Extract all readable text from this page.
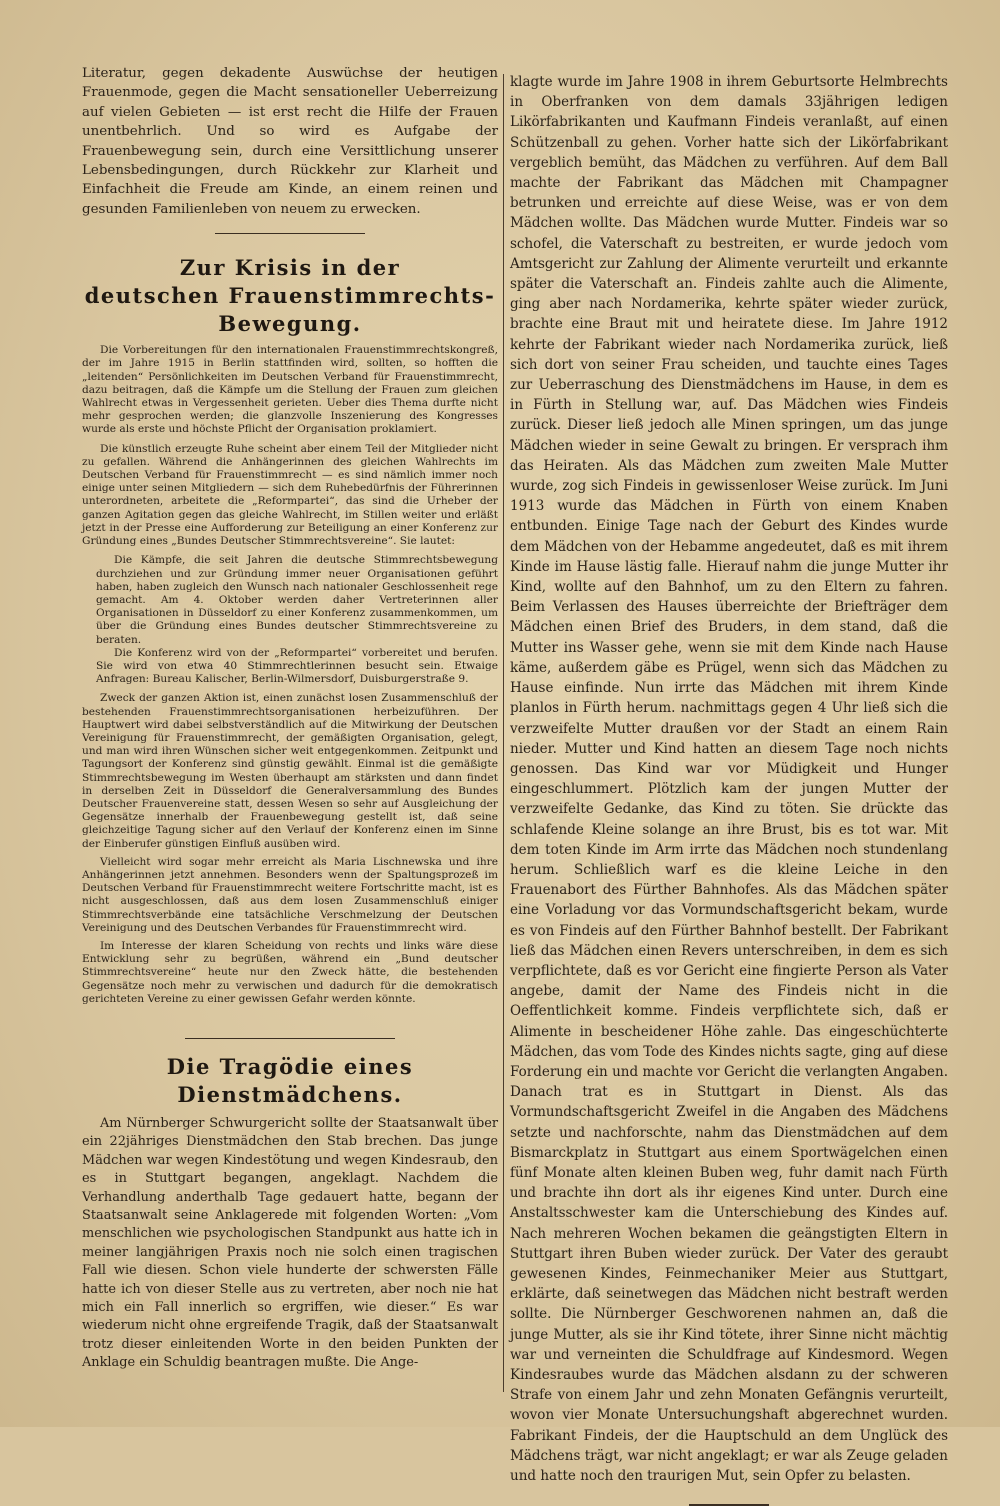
Literatur, gegen dekadente Auswüchse der heutigen Frauenmode, gegen die Macht sensationeller Ueberreizung auf vielen Gebieten — ist erst recht die Hilfe der Frauen unentbehrlich. Und so wird es Aufgabe der Frauenbewegung sein, durch eine Versittlichung unserer Lebensbedingungen, durch Rückkehr zur Klarheit und Einfachheit die Freude am Kinde, an einem reinen und gesunden Familienleben von neuem zu erwecken.

Zur Krisis in der
deutschen Frauenstimmrechts-Bewegung.

Die Vorbereitungen für den internationalen Frauenstimmrechtskongreß, der im Jahre 1915 in Berlin stattfinden wird, sollten, so hofften die „leitenden“ Persönlichkeiten im Deutschen Verband für Frauenstimmrecht, dazu beitragen, daß die Kämpfe um die Stellung der Frauen zum gleichen Wahlrecht etwas in Vergessenheit gerieten. Ueber dies Thema durfte nicht mehr gesprochen werden; die glanzvolle Inszenierung des Kongresses wurde als erste und höchste Pflicht der Organisation proklamiert.

Die künstlich erzeugte Ruhe scheint aber einem Teil der Mitglieder nicht zu gefallen. Während die Anhängerinnen des gleichen Wahlrechts im Deutschen Verband für Frauenstimmrecht — es sind nämlich immer noch einige unter seinen Mitgliedern — sich dem Ruhebedürfnis der Führerinnen unterordneten, arbeitete die „Reformpartei“, das sind die Urheber der ganzen Agitation gegen das gleiche Wahlrecht, im Stillen weiter und erläßt jetzt in der Presse eine Aufforderung zur Beteiligung an einer Konferenz zur Gründung eines „Bundes Deutscher Stimmrechtsvereine“. Sie lautet:

Die Kämpfe, die seit Jahren die deutsche Stimmrechtsbewegung durchziehen und zur Gründung immer neuer Organisationen geführt haben, haben zugleich den Wunsch nach nationaler Geschlossenheit rege gemacht. Am 4. Oktober werden daher Vertreterinnen aller Organisationen in Düsseldorf zu einer Konferenz zusammenkommen, um über die Gründung eines Bundes deutscher Stimmrechtsvereine zu beraten.

Die Konferenz wird von der „Reformpartei“ vorbereitet und berufen. Sie wird von etwa 40 Stimmrechtlerinnen besucht sein. Etwaige Anfragen: Bureau Kalischer, Berlin-Wilmersdorf, Duisburgerstraße 9.

Zweck der ganzen Aktion ist, einen zunächst losen Zusammenschluß der bestehenden Frauenstimmrechtsorganisationen herbeizuführen. Der Hauptwert wird dabei selbstverständlich auf die Mitwirkung der Deutschen Vereinigung für Frauenstimmrecht, der gemäßigten Organisation, gelegt, und man wird ihren Wünschen sicher weit entgegenkommen. Zeitpunkt und Tagungsort der Konferenz sind günstig gewählt. Einmal ist die gemäßigte Stimmrechtsbewegung im Westen überhaupt am stärksten und dann findet in derselben Zeit in Düsseldorf die Generalversammlung des Bundes Deutscher Frauenvereine statt, dessen Wesen so sehr auf Ausgleichung der Gegensätze innerhalb der Frauenbewegung gestellt ist, daß seine gleichzeitige Tagung sicher auf den Verlauf der Konferenz einen im Sinne der Einberufer günstigen Einfluß ausüben wird.

Vielleicht wird sogar mehr erreicht als Maria Lischnewska und ihre Anhängerinnen jetzt annehmen. Besonders wenn der Spaltungsprozeß im Deutschen Verband für Frauenstimmrecht weitere Fortschritte macht, ist es nicht ausgeschlossen, daß aus dem losen Zusammenschluß einiger Stimmrechtsverbände eine tatsächliche Verschmelzung der Deutschen Vereinigung und des Deutschen Verbandes für Frauenstimmrecht wird.

Im Interesse der klaren Scheidung von rechts und links wäre diese Entwicklung sehr zu begrüßen, während ein „Bund deutscher Stimmrechtsvereine“ heute nur den Zweck hätte, die bestehenden Gegensätze noch mehr zu verwischen und dadurch für die demokratisch gerichteten Vereine zu einer gewissen Gefahr werden könnte.

Die Tragödie eines Dienstmädchens.

Am Nürnberger Schwurgericht sollte der Staatsanwalt über ein 22jähriges Dienstmädchen den Stab brechen. Das junge Mädchen war wegen Kindestötung und wegen Kindesraub, den es in Stuttgart begangen, angeklagt. Nachdem die Verhandlung anderthalb Tage gedauert hatte, begann der Staatsanwalt seine Anklagerede mit folgenden Worten: „Vom menschlichen wie psychologischen Standpunkt aus hatte ich in meiner langjährigen Praxis noch nie solch einen tragischen Fall wie diesen. Schon viele hunderte der schwersten Fälle hatte ich von dieser Stelle aus zu vertreten, aber noch nie hat mich ein Fall innerlich so ergriffen, wie dieser.“ Es war wiederum nicht ohne ergreifende Tragik, daß der Staatsanwalt trotz dieser einleitenden Worte in den beiden Punkten der Anklage ein Schuldig beantragen mußte. Die Ange-

klagte wurde im Jahre 1908 in ihrem Geburtsorte Helmbrechts in Oberfranken von dem damals 33jährigen ledigen Likörfabrikanten und Kaufmann Findeis veranlaßt, auf einen Schützenball zu gehen. Vorher hatte sich der Likörfabrikant vergeblich bemüht, das Mädchen zu verführen. Auf dem Ball machte der Fabrikant das Mädchen mit Champagner betrunken und erreichte auf diese Weise, was er von dem Mädchen wollte. Das Mädchen wurde Mutter. Findeis war so schofel, die Vaterschaft zu bestreiten, er wurde jedoch vom Amtsgericht zur Zahlung der Alimente verurteilt und erkannte später die Vaterschaft an. Findeis zahlte auch die Alimente, ging aber nach Nordamerika, kehrte später wieder zurück, brachte eine Braut mit und heiratete diese. Im Jahre 1912 kehrte der Fabrikant wieder nach Nordamerika zurück, ließ sich dort von seiner Frau scheiden, und tauchte eines Tages zur Ueberraschung des Dienstmädchens im Hause, in dem es in Fürth in Stellung war, auf. Das Mädchen wies Findeis zurück. Dieser ließ jedoch alle Minen springen, um das junge Mädchen wieder in seine Gewalt zu bringen. Er versprach ihm das Heiraten. Als das Mädchen zum zweiten Male Mutter wurde, zog sich Findeis in gewissenloser Weise zurück. Im Juni 1913 wurde das Mädchen in Fürth von einem Knaben entbunden. Einige Tage nach der Geburt des Kindes wurde dem Mädchen von der Hebamme angedeutet, daß es mit ihrem Kinde im Hause lästig falle. Hierauf nahm die junge Mutter ihr Kind, wollte auf den Bahnhof, um zu den Eltern zu fahren. Beim Verlassen des Hauses überreichte der Briefträger dem Mädchen einen Brief des Bruders, in dem stand, daß die Mutter ins Wasser gehe, wenn sie mit dem Kinde nach Hause käme, außerdem gäbe es Prügel, wenn sich das Mädchen zu Hause einfinde. Nun irrte das Mädchen mit ihrem Kinde planlos in Fürth herum. nachmittags gegen 4 Uhr ließ sich die verzweifelte Mutter draußen vor der Stadt an einem Rain nieder. Mutter und Kind hatten an diesem Tage noch nichts genossen. Das Kind war vor Müdigkeit und Hunger eingeschlummert. Plötzlich kam der jungen Mutter der verzweifelte Gedanke, das Kind zu töten. Sie drückte das schlafende Kleine solange an ihre Brust, bis es tot war. Mit dem toten Kinde im Arm irrte das Mädchen noch stundenlang herum. Schließlich warf es die kleine Leiche in den Frauenabort des Fürther Bahnhofes. Als das Mädchen später eine Vorladung vor das Vormundschaftsgericht bekam, wurde es von Findeis auf den Fürther Bahnhof bestellt. Der Fabrikant ließ das Mädchen einen Revers unterschreiben, in dem es sich verpflichtete, daß es vor Gericht eine fingierte Person als Vater angebe, damit der Name des Findeis nicht in die Oeffentlichkeit komme. Findeis verpflichtete sich, daß er Alimente in bescheidener Höhe zahle. Das eingeschüchterte Mädchen, das vom Tode des Kindes nichts sagte, ging auf diese Forderung ein und machte vor Gericht die verlangten Angaben. Danach trat es in Stuttgart in Dienst. Als das Vormundschaftsgericht Zweifel in die Angaben des Mädchens setzte und nachforschte, nahm das Dienstmädchen auf dem Bismarckplatz in Stuttgart aus einem Sportwägelchen einen fünf Monate alten kleinen Buben weg, fuhr damit nach Fürth und brachte ihn dort als ihr eigenes Kind unter. Durch eine Anstaltsschwester kam die Unterschiebung des Kindes auf. Nach mehreren Wochen bekamen die geängstigten Eltern in Stuttgart ihren Buben wieder zurück. Der Vater des geraubt gewesenen Kindes, Feinmechaniker Meier aus Stuttgart, erklärte, daß seinetwegen das Mädchen nicht bestraft werden sollte. Die Nürnberger Geschworenen nahmen an, daß die junge Mutter, als sie ihr Kind tötete, ihrer Sinne nicht mächtig war und verneinten die Schuldfrage auf Kindesmord. Wegen Kindesraubes wurde das Mädchen alsdann zu der schweren Strafe von einem Jahr und zehn Monaten Gefängnis verurteilt, wovon vier Monate Untersuchungshaft abgerechnet wurden. Fabrikant Findeis, der die Hauptschuld an dem Unglück des Mädchens trägt, war nicht angeklagt; er war als Zeuge geladen und hatte noch den traurigen Mut, sein Opfer zu belasten.
